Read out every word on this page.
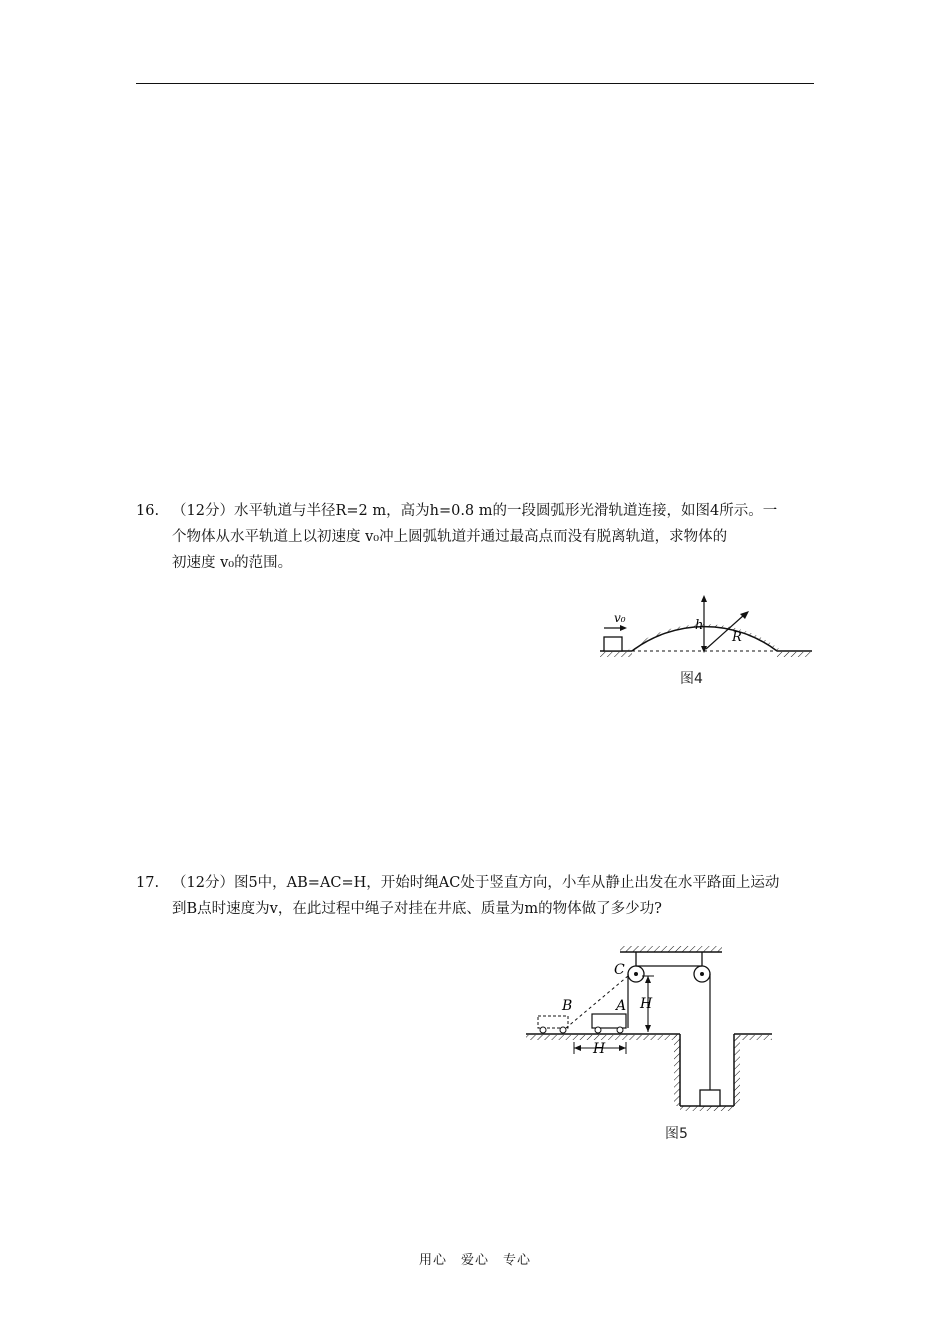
16. （12分）水平轨道与半径R=2 m，高为h=0.8 m的一段圆弧形光滑轨道连接，如图4所示。一

个物体从水平轨道上以初速度 v₀冲上圆弧轨道并通过最高点而没有脱离轨道，求物体的

初速度 v₀的范围。

v₀	h
R
图4

17. （12分）图5中，AB=AC=H，开始时绳AC处于竖直方向，小车从静止出发在水平路面上运动

到B点时速度为v，在此过程中绳子对挂在井底、质量为m的物体做了多少功?

C
A
B	H
H
图5
用心　爱心　专心
